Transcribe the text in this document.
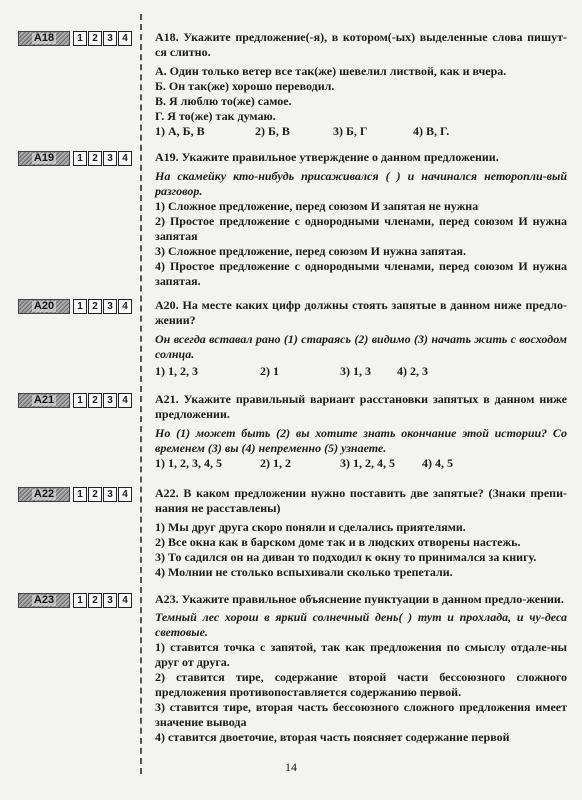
A18	1 2 3 4	А18. Укажите предложение(-я), в котором(-ых) выделенные слова пишут-ся слитно.
А. Один только ветер все так(же) шевелил листвой, как и вчера.
Б. Он так(же) хорошо переводил.
В. Я люблю то(же) самое.
Г. Я то(же) так думаю.
1) А, Б, В	2) Б, В	3) Б, Г	4) В, Г.
A19	1 2 3 4	А19. Укажите правильное утверждение о данном предложении.
На скамейку кто-нибудь присаживался ( ) и начинался неторопли-вый разговор.
1) Сложное предложение, перед союзом И запятая не нужна
2) Простое предложение с однородными членами, перед союзом И нужна запятая
3) Сложное предложение, перед союзом И нужна запятая.
4) Простое предложение с однородными членами, перед союзом И нужна запятая.
A20	1 2 3 4	А20. На месте каких цифр должны стоять запятые в данном ниже предло-жении?
Он всегда вставал рано (1) стараясь (2) видимо (3) начать жить с восходом солнца.
1) 1, 2, 3	2) 1	3) 1, 3	4) 2, 3
A21	1 2 3 4	А21. Укажите правильный вариант расстановки запятых в данном ниже предложении.
Но (1) может быть (2) вы хотите знать окончание этой истории? Со временем (3) вы (4) непременно (5) узнаете.
1) 1, 2, 3, 4, 5	2) 1, 2	3) 1, 2, 4, 5	4) 4, 5
A22	1 2 3 4	А22. В каком предложении нужно поставить две запятые? (Знаки препи-нания не расставлены)
1) Мы друг друга скоро поняли и сделались приятелями.
2) Все окна как в барском доме так и в людских отворены настежь.
3) То садился он на диван то подходил к окну то принимался за книгу.
4) Молнии не столько вспыхивали сколько трепетали.
A23	1 2 3 4	А23. Укажите правильное объяснение пунктуации в данном предло-жении.
Темный лес хорош в яркий солнечный день( ) тут и прохлада, и чу-деса световые.
1) ставится точка с запятой, так как предложения по смыслу отдале-ны друг от друга.
2) ставится тире, содержание второй части бессоюзного сложного предложения противопоставляется содержанию первой.
3) ставится тире, вторая часть бессоюзного сложного предложения имеет значение вывода
4) ставится двоеточие, вторая часть поясняет содержание первой
14
